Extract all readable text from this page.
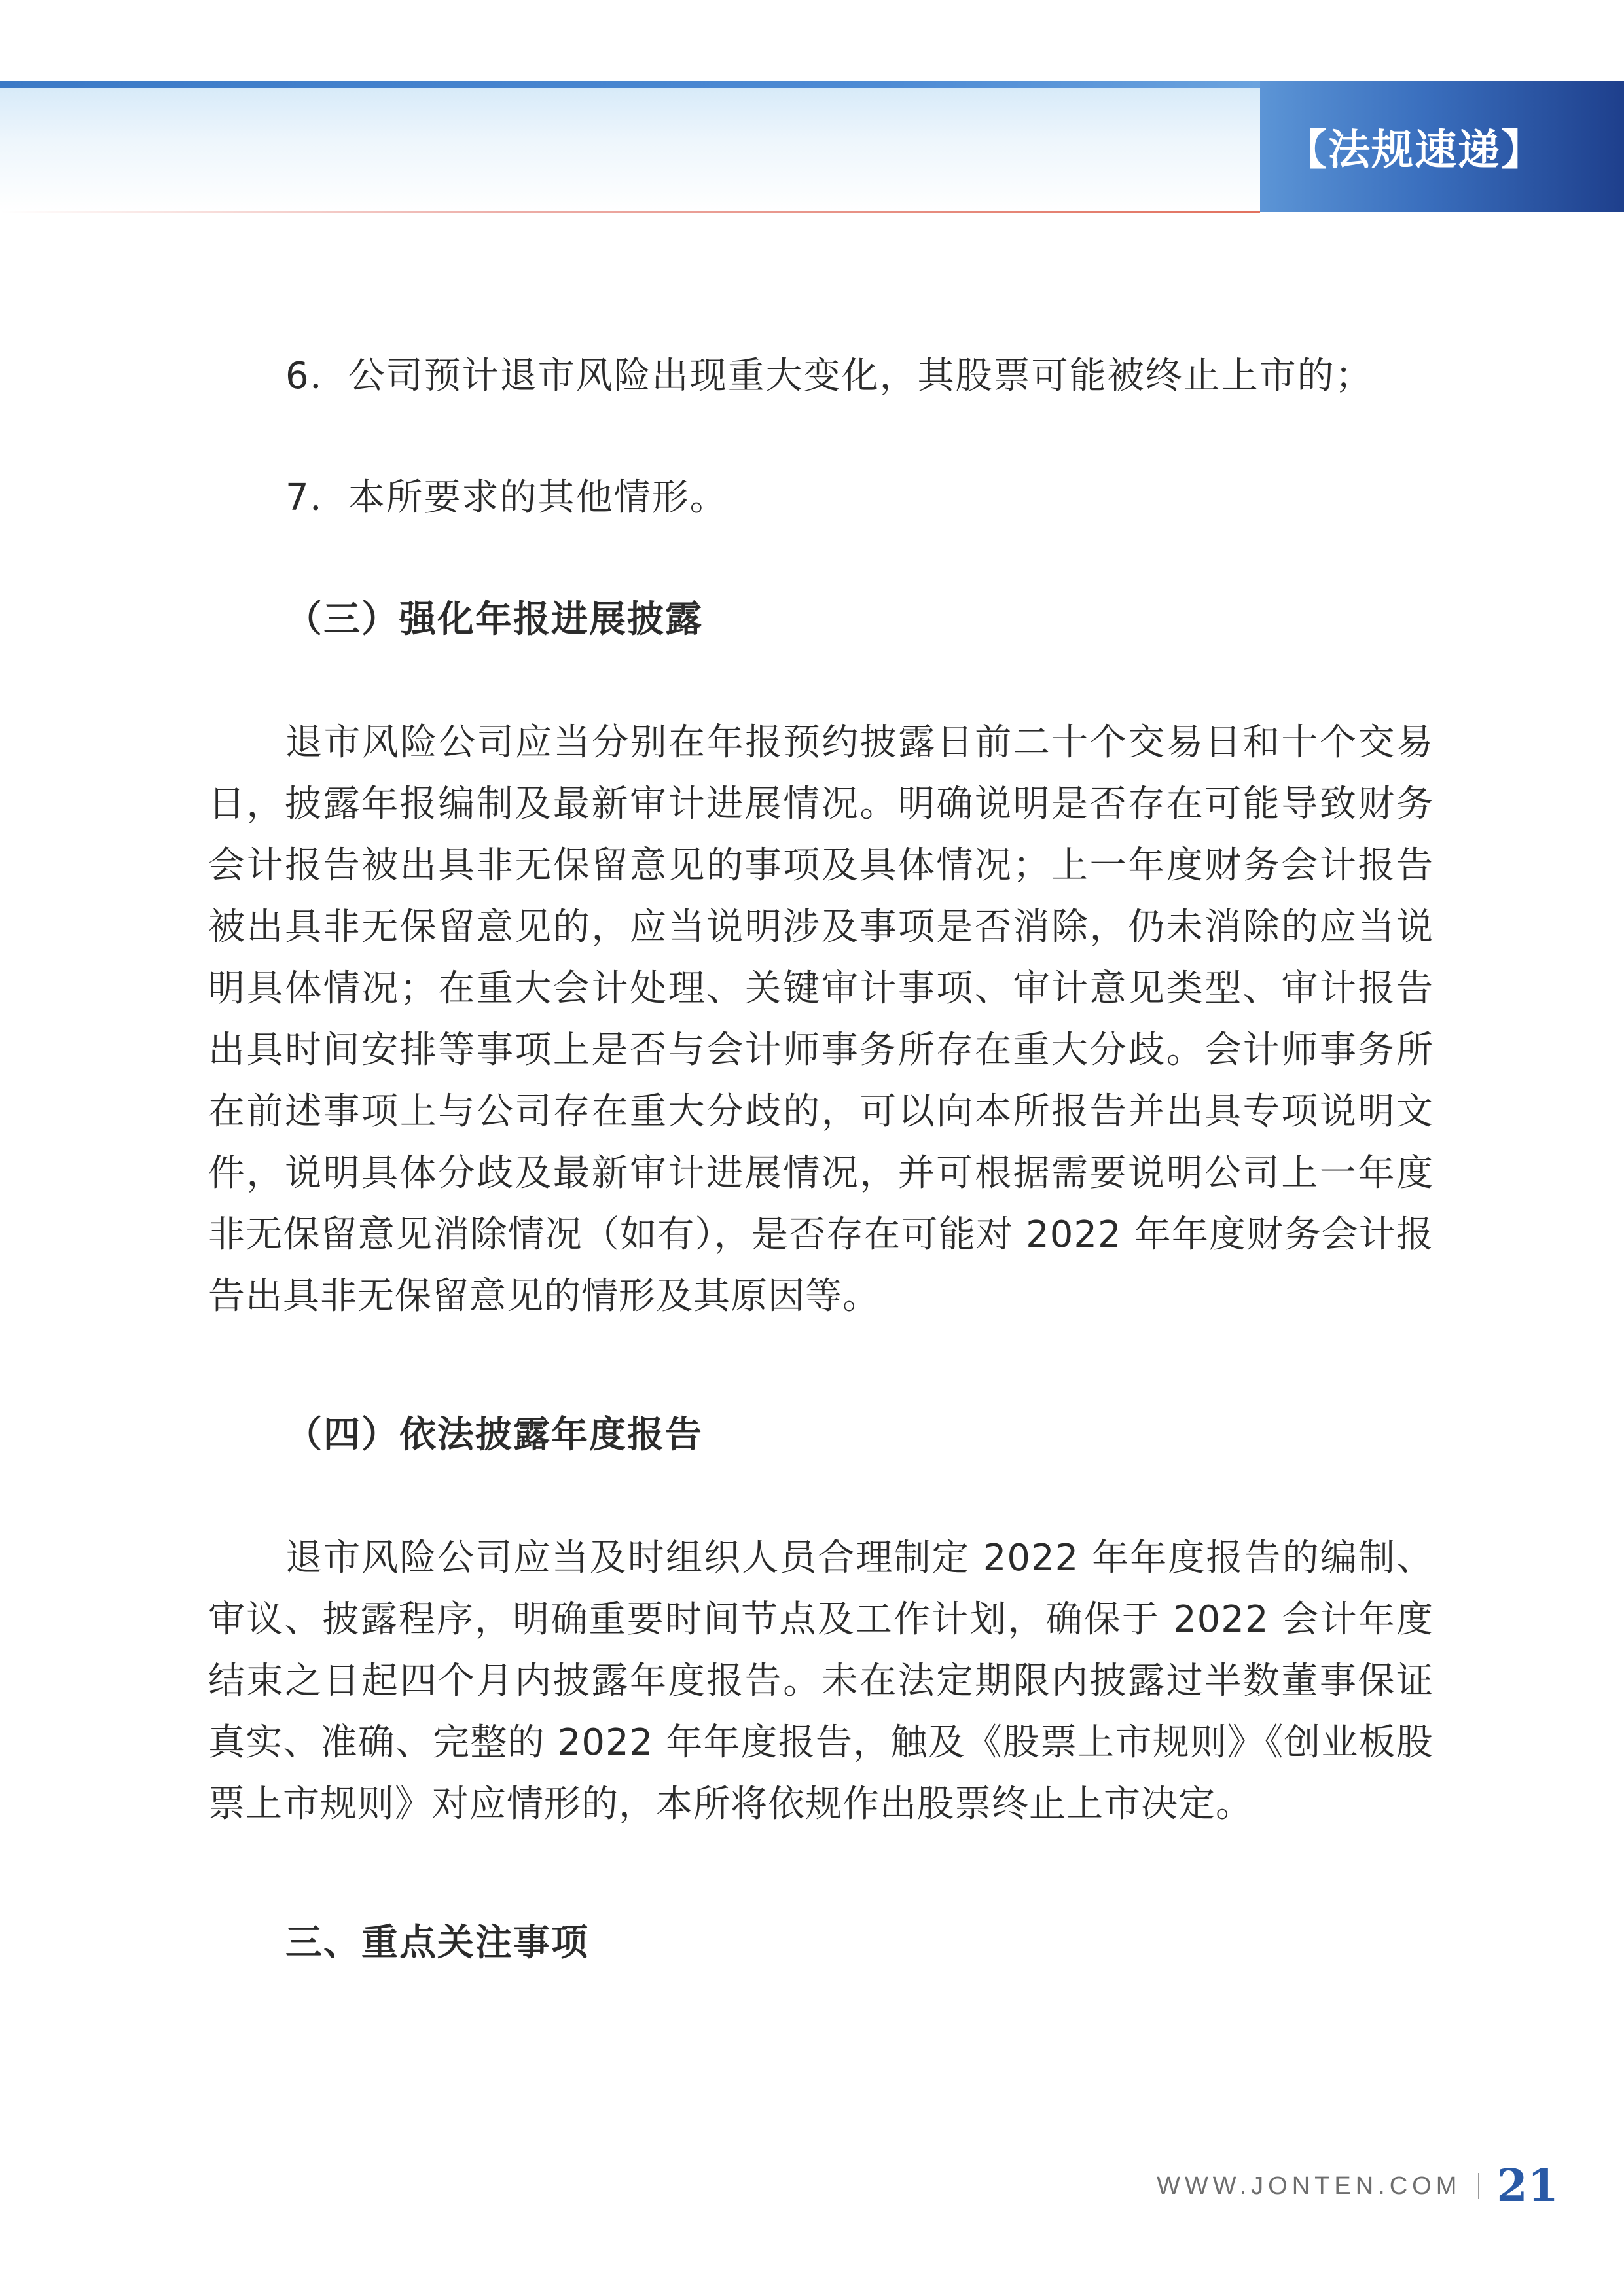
【法规速递】

6．公司预计退市风险出现重大变化，其股票可能被终止上市的；

7．本所要求的其他情形。

（三）强化年报进展披露

退市风险公司应当分别在年报预约披露日前二十个交易日和十个交易日，披露年报编制及最新审计进展情况。明确说明是否存在可能导致财务会计报告被出具非无保留意见的事项及具体情况；上一年度财务会计报告被出具非无保留意见的，应当说明涉及事项是否消除，仍未消除的应当说明具体情况；在重大会计处理、关键审计事项、审计意见类型、审计报告出具时间安排等事项上是否与会计师事务所存在重大分歧。会计师事务所在前述事项上与公司存在重大分歧的，可以向本所报告并出具专项说明文件，说明具体分歧及最新审计进展情况，并可根据需要说明公司上一年度非无保留意见消除情况（如有），是否存在可能对 2022 年年度财务会计报告出具非无保留意见的情形及其原因等。

（四）依法披露年度报告

退市风险公司应当及时组织人员合理制定 2022 年年度报告的编制、审议、披露程序，明确重要时间节点及工作计划，确保于 2022 会计年度结束之日起四个月内披露年度报告。未在法定期限内披露过半数董事保证真实、准确、完整的 2022 年年度报告，触及《股票上市规则》《创业板股票上市规则》对应情形的，本所将依规作出股票终止上市决定。

三、重点关注事项

WWW.JONTEN.COM 21
